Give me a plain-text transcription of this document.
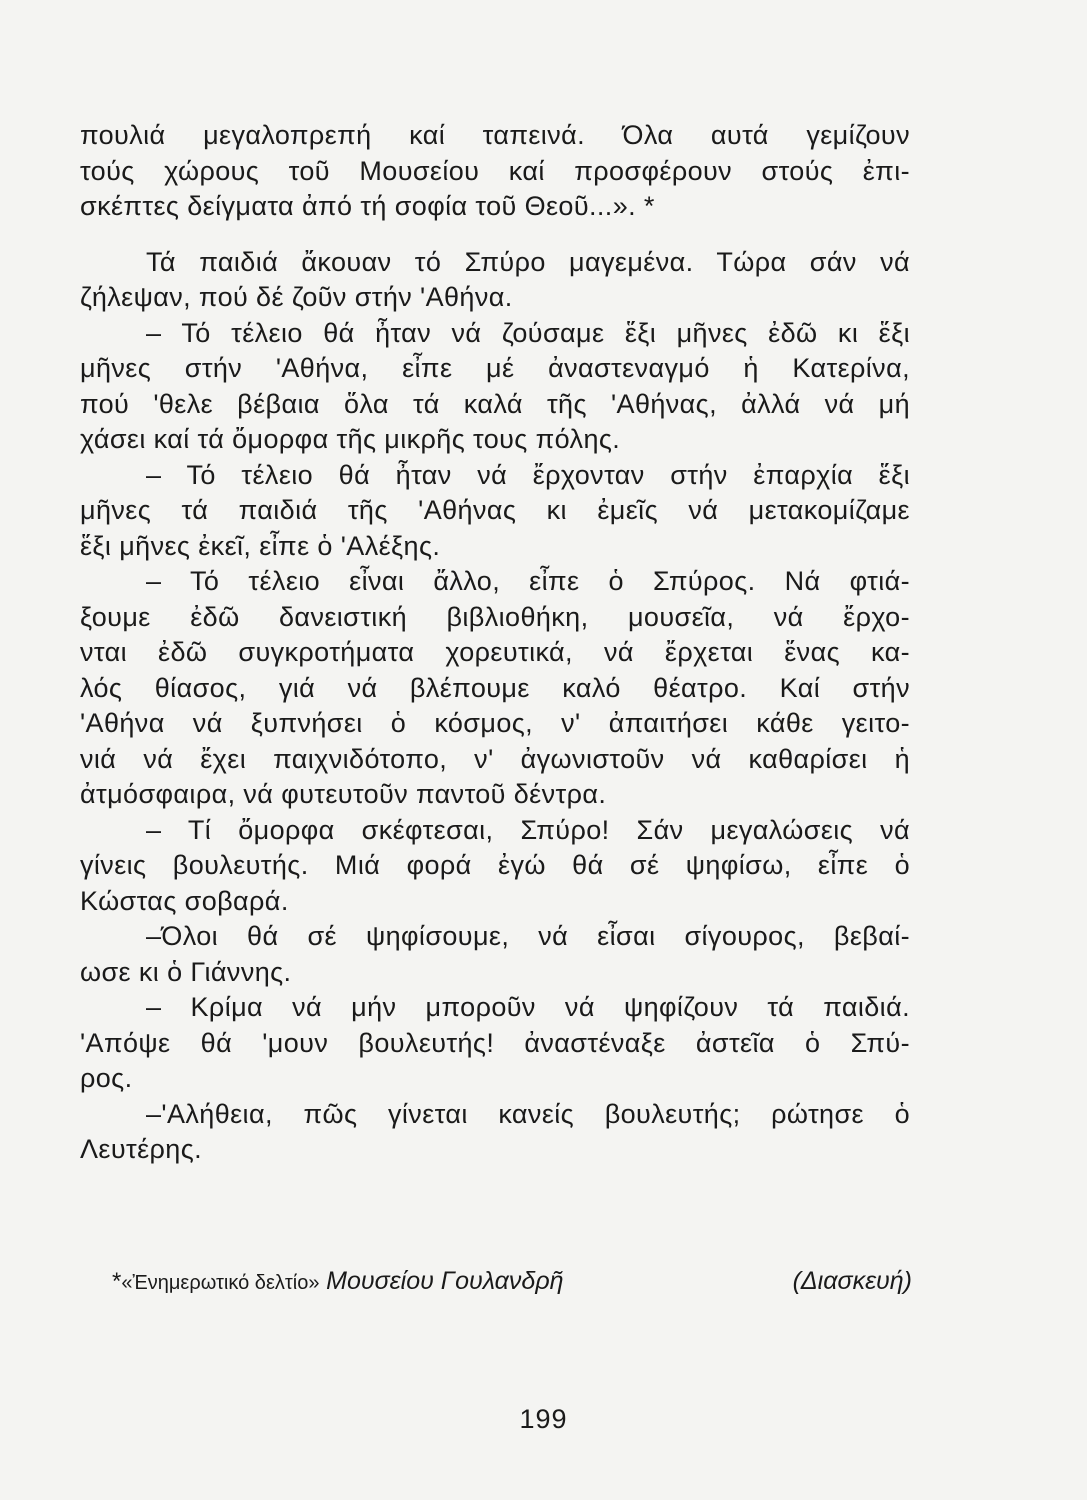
πουλιά μεγαλοπρεπή καί ταπεινά. Όλα αυτά γεμίζουν
τούς χώρους τοῦ Μουσείου καί προσφέρουν στούς ἐπι-
σκέπτες δείγματα ἀπό τή σοφία τοῦ Θεοῦ...». *
Τά παιδιά ἄκουαν τό Σπύρο μαγεμένα. Τώρα σάν νά
ζήλεψαν, πού δέ ζοῦν στήν 'Αθήνα.
– Τό τέλειο θά ἦταν νά ζούσαμε ἕξι μῆνες ἐδῶ κι ἕξι
μῆνες στήν 'Αθήνα, εἶπε μέ ἀναστεναγμό ἡ Κατερίνα,
πού 'θελε βέβαια ὅλα τά καλά τῆς 'Αθήνας, ἀλλά νά μή
χάσει καί τά ὄμορφα τῆς μικρῆς τους πόλης.
– Τό τέλειο θά ἦταν νά ἔρχονταν στήν ἐπαρχία ἕξι
μῆνες τά παιδιά τῆς 'Αθήνας κι ἐμεῖς νά μετακομίζαμε
ἕξι μῆνες ἐκεῖ, εἶπε ὁ 'Αλέξης.
– Τό τέλειο εἶναι ἄλλο, εἶπε ὁ Σπύρος. Νά φτιά-
ξουμε ἐδῶ δανειστική βιβλιοθήκη, μουσεῖα, νά ἔρχο-
νται ἐδῶ συγκροτήματα χορευτικά, νά ἔρχεται ἕνας κα-
λός θίασος, γιά νά βλέπουμε καλό θέατρο. Καί στήν
'Αθήνα νά ξυπνήσει ὁ κόσμος, ν' ἀπαιτήσει κάθε γειτο-
νιά νά ἔχει παιχνιδότοπο, ν' ἀγωνιστοῦν νά καθαρίσει ἡ
ἀτμόσφαιρα, νά φυτευτοῦν παντοῦ δέντρα.
– Τί ὄμορφα σκέφτεσαι, Σπύρο! Σάν μεγαλώσεις νά
γίνεις βουλευτής. Μιά φορά ἐγώ θά σέ ψηφίσω, εἶπε ὁ
Κώστας σοβαρά.
–Όλοι θά σέ ψηφίσουμε, νά εἶσαι σίγουρος, βεβαί-
ωσε κι ὁ Γιάννης.
– Κρίμα νά μήν μποροῦν νά ψηφίζουν τά παιδιά.
'Απόψε θά 'μουν βουλευτής! ἀναστέναξε ἀστεῖα ὁ Σπύ-
ρος.
–'Αλήθεια, πῶς γίνεται κανείς βουλευτής; ρώτησε ὁ
Λευτέρης.
*«Ἐνημερωτικό δελτίο» Μουσείου Γουλανδρῆ	(Διασκευή)
199
